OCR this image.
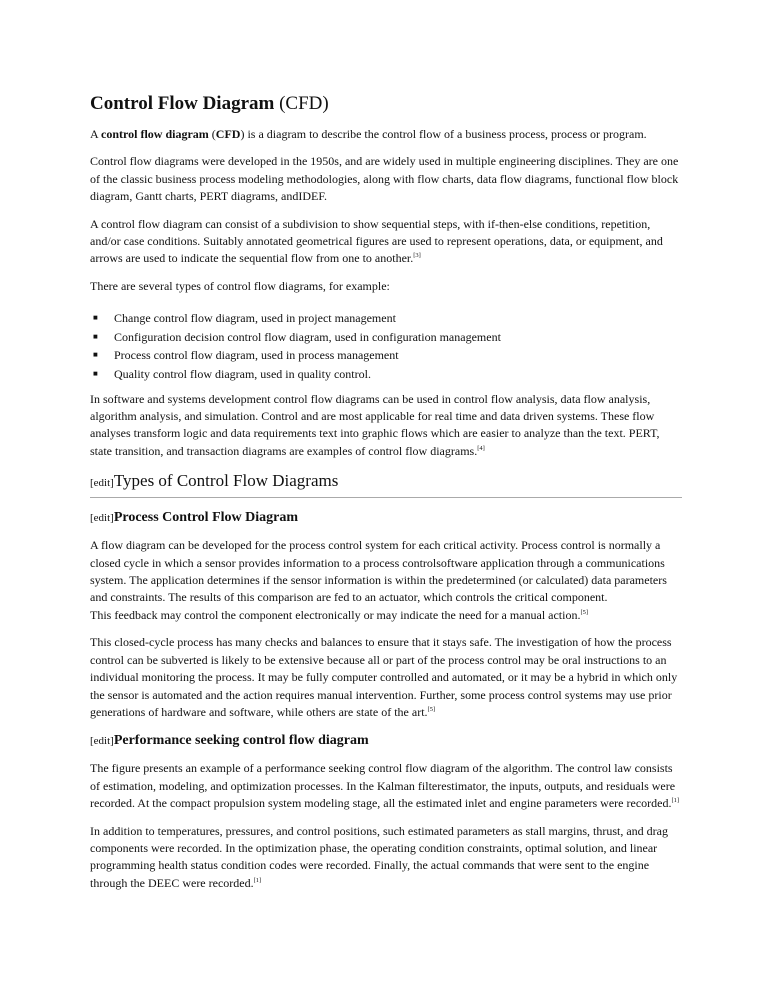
Control Flow Diagram (CFD)

A control flow diagram (CFD) is a diagram to describe the control flow of a business process, process or program.

Control flow diagrams were developed in the 1950s, and are widely used in multiple engineering disciplines. They are one of the classic business process modeling methodologies, along with flow charts, data flow diagrams, functional flow block diagram, Gantt charts, PERT diagrams, andIDEF.

A control flow diagram can consist of a subdivision to show sequential steps, with if-then-else conditions, repetition, and/or case conditions. Suitably annotated geometrical figures are used to represent operations, data, or equipment, and arrows are used to indicate the sequential flow from one to another.[3]

There are several types of control flow diagrams, for example:

■ Change control flow diagram, used in project management
■ Configuration decision control flow diagram, used in configuration management
■ Process control flow diagram, used in process management
■ Quality control flow diagram, used in quality control.

In software and systems development control flow diagrams can be used in control flow analysis, data flow analysis, algorithm analysis, and simulation. Control and are most applicable for real time and data driven systems. These flow analyses transform logic and data requirements text into graphic flows which are easier to analyze than the text. PERT, state transition, and transaction diagrams are examples of control flow diagrams.[4]

[edit]Types of Control Flow Diagrams
[edit]Process Control Flow Diagram

A flow diagram can be developed for the process control system for each critical activity. Process control is normally a closed cycle in which a sensor provides information to a process controlsoftware application through a communications system. The application determines if the sensor information is within the predetermined (or calculated) data parameters and constraints. The results of this comparison are fed to an actuator, which controls the critical component.
This feedback may control the component electronically or may indicate the need for a manual action.[5]

This closed-cycle process has many checks and balances to ensure that it stays safe. The investigation of how the process control can be subverted is likely to be extensive because all or part of the process control may be oral instructions to an individual monitoring the process. It may be fully computer controlled and automated, or it may be a hybrid in which only the sensor is automated and the action requires manual intervention. Further, some process control systems may use prior generations of hardware and software, while others are state of the art.[5]

[edit]Performance seeking control flow diagram

The figure presents an example of a performance seeking control flow diagram of the algorithm. The control law consists of estimation, modeling, and optimization processes. In the Kalman filterestimator, the inputs, outputs, and residuals were recorded. At the compact propulsion system modeling stage, all the estimated inlet and engine parameters were recorded.[1]

In addition to temperatures, pressures, and control positions, such estimated parameters as stall margins, thrust, and drag components were recorded. In the optimization phase, the operating condition constraints, optimal solution, and linear programming health status condition codes were recorded. Finally, the actual commands that were sent to the engine through the DEEC were recorded.[1]
